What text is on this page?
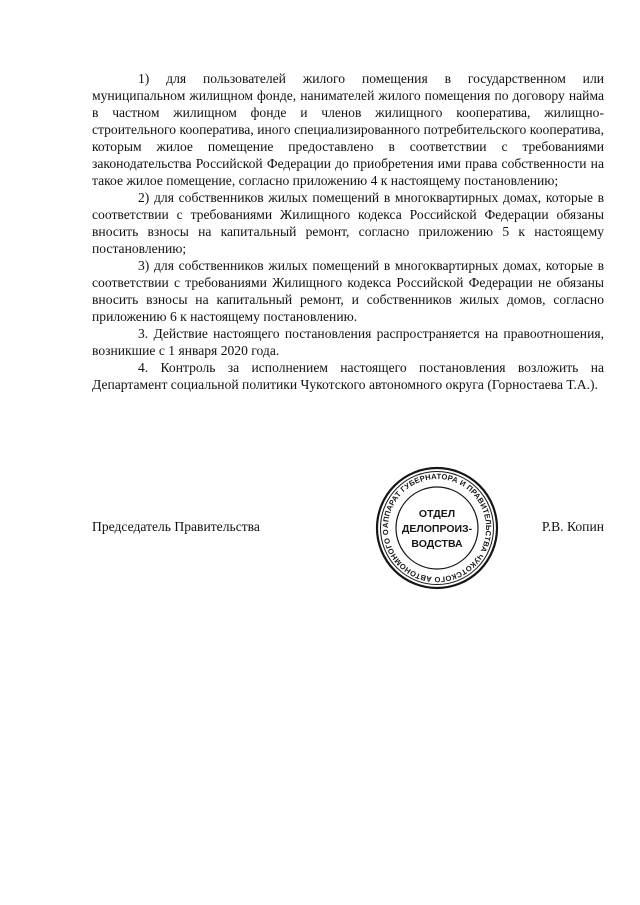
1) для пользователей жилого помещения в государственном или муниципальном жилищном фонде, нанимателей жилого помещения по договору найма в частном жилищном фонде и членов жилищного кооператива, жилищно-строительного кооператива, иного специализированного потребительского кооператива, которым жилое помещение предоставлено в соответствии с требованиями законодательства Российской Федерации до приобретения ими права собственности на такое жилое помещение, согласно приложению 4 к настоящему постановлению;

2) для собственников жилых помещений в многоквартирных домах, которые в соответствии с требованиями Жилищного кодекса Российской Федерации обязаны вносить взносы на капитальный ремонт, согласно приложению 5 к настоящему постановлению;

3) для собственников жилых помещений в многоквартирных домах, которые в соответствии с требованиями Жилищного кодекса Российской Федерации не обязаны вносить взносы на капитальный ремонт, и собственников жилых домов, согласно приложению 6 к настоящему постановлению.

3. Действие настоящего постановления распространяется на правоотношения, возникшие с 1 января 2020 года.

4. Контроль за исполнением настоящего постановления возложить на Департамент социальной политики Чукотского автономного округа (Горностаева Т.А.).

Председатель Правительства	Р.В. Копин
АППАРАТ ГУБЕРНАТОРА И ПРАВИТЕЛЬСТВА ЧУКОТСКОГО АВТОНОМНОГО О
ОТДЕЛ
ДЕЛОПРОИЗ-
ВОДСТВА
